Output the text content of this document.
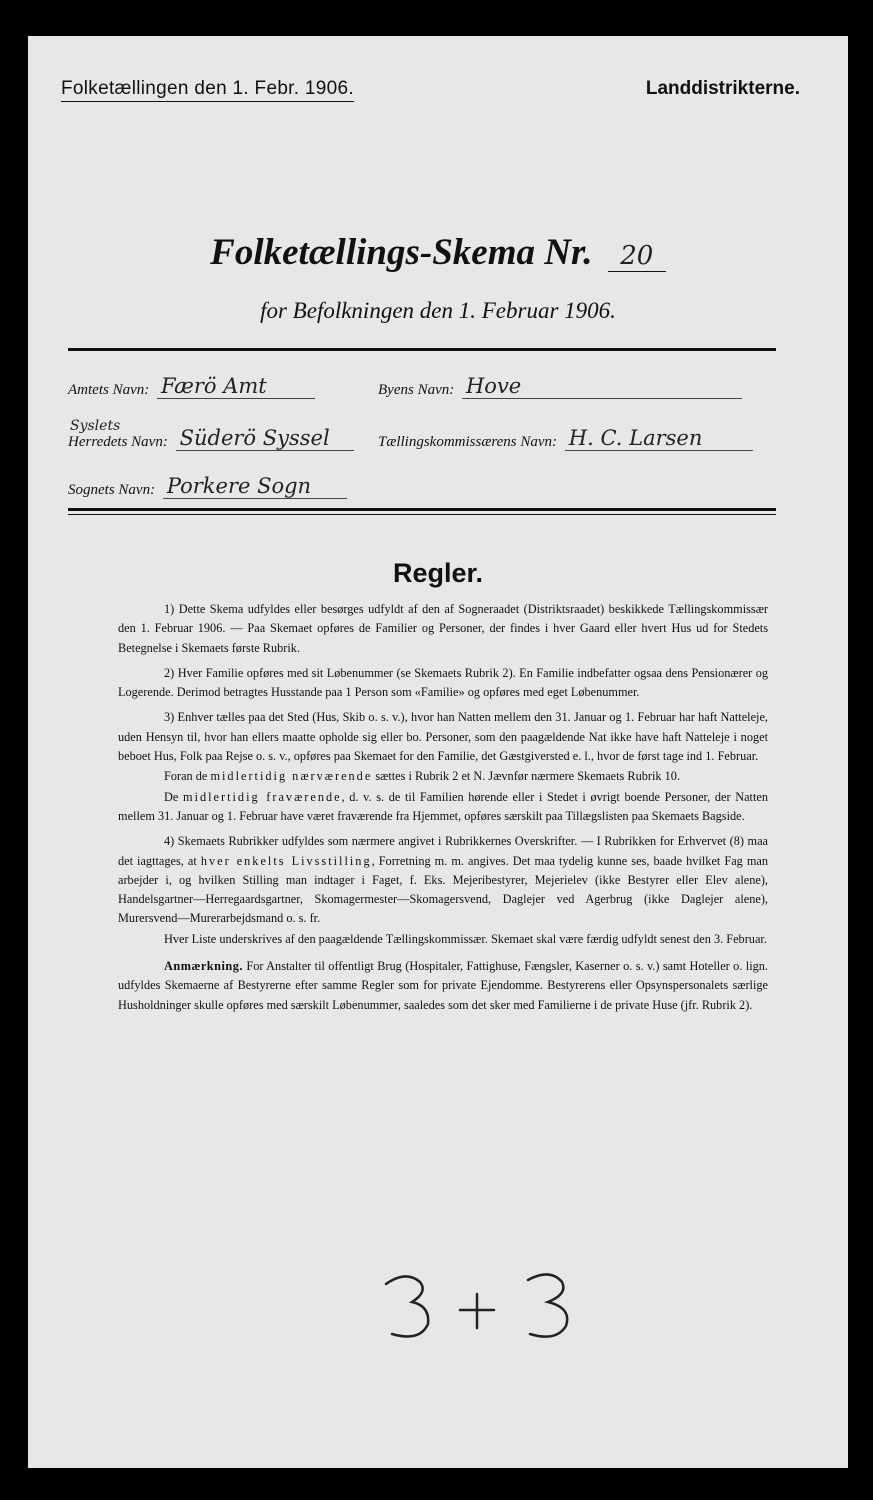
Folketællingen den 1. Febr. 1906.	Landdistrikterne.
Folketællings-Skema Nr. 20
for Befolkningen den 1. Februar 1906.
Amtets Navn: Færö Amt	Byens Navn: Hove
Syslets
Herredets Navn: Süderö Syssel	Tællingskommissærens Navn: H. C. Larsen
Sognets Navn: Porkere Sogn
Regler.

1) Dette Skema udfyldes eller besørges udfyldt af den af Sogneraadet (Distriktsraadet) beskikkede Tællingskommissær den 1. Februar 1906. — Paa Skemaet opføres de Familier og Personer, der findes i hver Gaard eller hvert Hus ud for Stedets Betegnelse i Skemaets første Rubrik.

2) Hver Familie opføres med sit Løbenummer (se Skemaets Rubrik 2). En Familie indbefatter ogsaa dens Pensionærer og Logerende. Derimod betragtes Husstande paa 1 Person som «Familie» og opføres med eget Løbenummer.

3) Enhver tælles paa det Sted (Hus, Skib o. s. v.), hvor han Natten mellem den 31. Januar og 1. Februar har haft Natteleje, uden Hensyn til, hvor han ellers maatte opholde sig eller bo. Personer, som den paagældende Nat ikke have haft Natteleje i noget beboet Hus, Folk paa Rejse o. s. v., opføres paa Skemaet for den Familie, det Gæstgiversted e. l., hvor de først tage ind 1. Februar.

Foran de midlertidig nærværende sættes i Rubrik 2 et N. Jævnfør nærmere Skemaets Rubrik 10.

De midlertidig fraværende, d. v. s. de til Familien hørende eller i Stedet i øvrigt boende Personer, der Natten mellem 31. Januar og 1. Februar have været fraværende fra Hjemmet, opføres særskilt paa Tillægslisten paa Skemaets Bagside.

4) Skemaets Rubrikker udfyldes som nærmere angivet i Rubrikkernes Overskrifter. — I Rubrikken for Erhvervet (8) maa det iagttages, at hver enkelts Livsstilling, Forretning m. m. angives. Det maa tydelig kunne ses, baade hvilket Fag man arbejder i, og hvilken Stilling man indtager i Faget, f. Eks. Mejeribestyrer, Mejerielev (ikke Bestyrer eller Elev alene), Handelsgartner—Herregaardsgartner, Skomagermester—Skomagersvend, Daglejer ved Agerbrug (ikke Daglejer alene), Murersvend—Murerarbejdsmand o. s. fr.

Hver Liste underskrives af den paagældende Tællingskommissær. Skemaet skal være færdig udfyldt senest den 3. Februar.

Anmærkning. For Anstalter til offentligt Brug (Hospitaler, Fattighuse, Fængsler, Kaserner o. s. v.) samt Hoteller o. lign. udfyldes Skemaerne af Bestyrerne efter samme Regler som for private Ejendomme. Bestyrerens eller Opsynspersonalets særlige Husholdninger skulle opføres med særskilt Løbenummer, saaledes som det sker med Familierne i de private Huse (jfr. Rubrik 2).
